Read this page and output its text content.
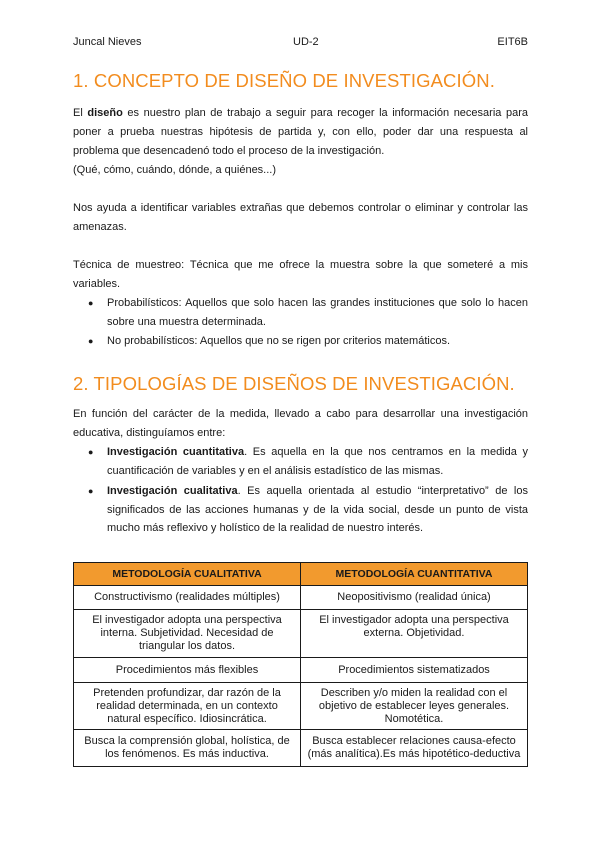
Juncal Nieves	UD-2	EIT6B
1. CONCEPTO DE DISEÑO DE INVESTIGACIÓN.

El diseño es nuestro plan de trabajo a seguir para recoger la información necesaria para poner a prueba nuestras hipótesis de partida y, con ello, poder dar una respuesta al problema que desencadenó todo el proceso de la investigación.
(Qué, cómo, cuándo, dónde, a quiénes...)

Nos ayuda a identificar variables extrañas que debemos controlar o eliminar y controlar las amenazas.

Técnica de muestreo: Técnica que me ofrece la muestra sobre la que someteré a mis variables.

● Probabilísticos: Aquellos que solo hacen las grandes instituciones que solo lo hacen sobre una muestra determinada.
● No probabilísticos: Aquellos que no se rigen por criterios matemáticos.
2. TIPOLOGÍAS DE DISEÑOS DE INVESTIGACIÓN.

En función del carácter de la medida, llevado a cabo para desarrollar una investigación educativa, distinguíamos entre:

● Investigación cuantitativa. Es aquella en la que nos centramos en la medida y cuantificación de variables y en el análisis estadístico de las mismas.
● Investigación cualitativa. Es aquella orientada al estudio “interpretativo” de los significados de las acciones humanas y de la vida social, desde un punto de vista mucho más reflexivo y holístico de la realidad de nuestro interés.
METODOLOGÍA CUALITATIVA	METODOLOGÍA CUANTITATIVA
Constructivismo (realidades múltiples)	Neopositivismo (realidad única)
El investigador adopta una perspectiva interna. Subjetividad. Necesidad de triangular los datos.	El investigador adopta una perspectiva externa. Objetividad.
Procedimientos más flexibles	Procedimientos sistematizados
Pretenden profundizar, dar razón de la realidad determinada, en un contexto natural específico. Idiosincrática.	Describen y/o miden la realidad con el objetivo de establecer leyes generales. Nomotética.
Busca la comprensión global, holística, de los fenómenos. Es más inductiva.	Busca establecer relaciones causa-efecto (más analítica).Es más hipotético-deductiva
